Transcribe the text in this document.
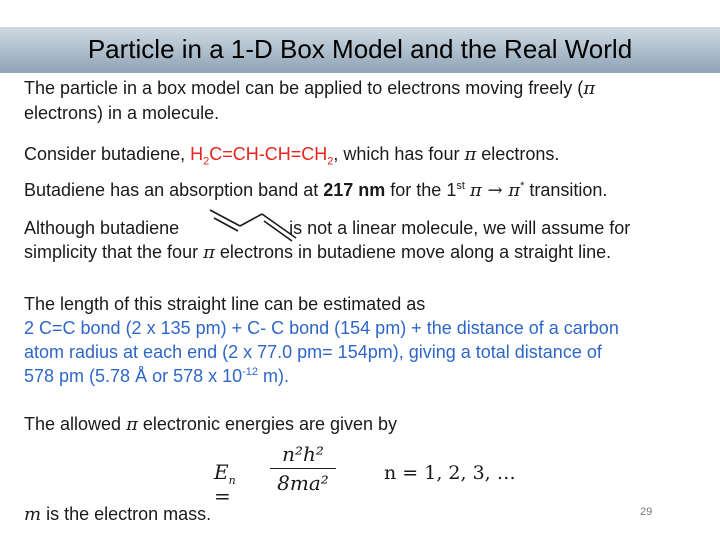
Particle in a 1-D Box Model and the Real World
The particle in a box model can be applied to electrons moving freely (π
electrons) in a molecule.
Consider butadiene, $H_2C=CH-CH=CH_2$, which has four π electrons.
Butadiene has an absorption band at 217 nm for the 1st π → π* transition.
Although butadiene	is not a linear molecule, we will assume for
simplicity that the four π electrons in butadiene move along a straight line.
The length of this straight line can be estimated as
2 C=C bond (2 x 135 pm) + C- C bond (154 pm) + the distance of a carbon
atom radius at each end (2 x 77.0 pm= 154pm), giving a total distance of
578 pm (5.78 Å or 578 x $10^{-12}$ m).
The allowed π electronic energies are given by
m is the electron mass.
$E_n$ =
$\frac{\text{n²h²}}{\text{8ma²}}$	n = 1, 2, 3, …
29
